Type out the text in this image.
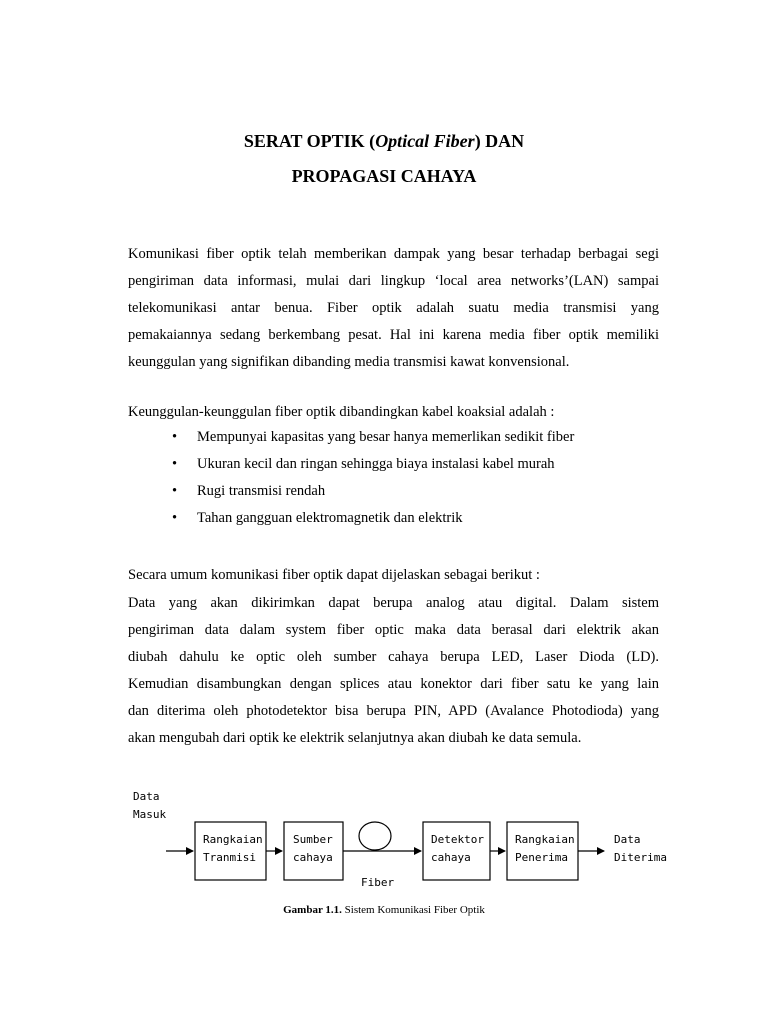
SERAT OPTIK (Optical Fiber) DAN
PROPAGASI CAHAYA
Komunikasi fiber optik telah memberikan dampak yang besar terhadap berbagai segi
pengiriman data informasi, mulai dari lingkup ‘local area networks’(LAN) sampai
telekomunikasi antar benua. Fiber optik adalah suatu media transmisi yang
pemakaiannya sedang berkembang pesat. Hal ini karena media fiber optik memiliki
keunggulan yang signifikan dibanding media transmisi kawat konvensional.
Keunggulan-keunggulan fiber optik dibandingkan kabel koaksial adalah :
• Mempunyai kapasitas yang besar hanya memerlikan sedikit fiber
• Ukuran kecil dan ringan sehingga biaya instalasi kabel murah
• Rugi transmisi rendah
• Tahan gangguan elektromagnetik dan elektrik
Secara umum komunikasi fiber optik dapat dijelaskan sebagai berikut :
Data yang akan dikirimkan dapat berupa analog atau digital. Dalam sistem
pengiriman data dalam system fiber optic maka data berasal dari elektrik akan
diubah dahulu ke optic oleh sumber cahaya berupa LED, Laser Dioda (LD).
Kemudian disambungkan dengan splices atau konektor dari fiber satu ke yang lain
dan diterima oleh photodetektor bisa berupa PIN, APD (Avalance Photodioda) yang
akan mengubah dari optik ke elektrik selanjutnya akan diubah ke data semula.
Data
Masuk
Rangkaian
Tranmisi
Sumber
cahaya
Detektor
cahaya
Rangkaian
Penerima
Fiber
Data
Diterima
Gambar 1.1. Sistem Komunikasi Fiber Optik
